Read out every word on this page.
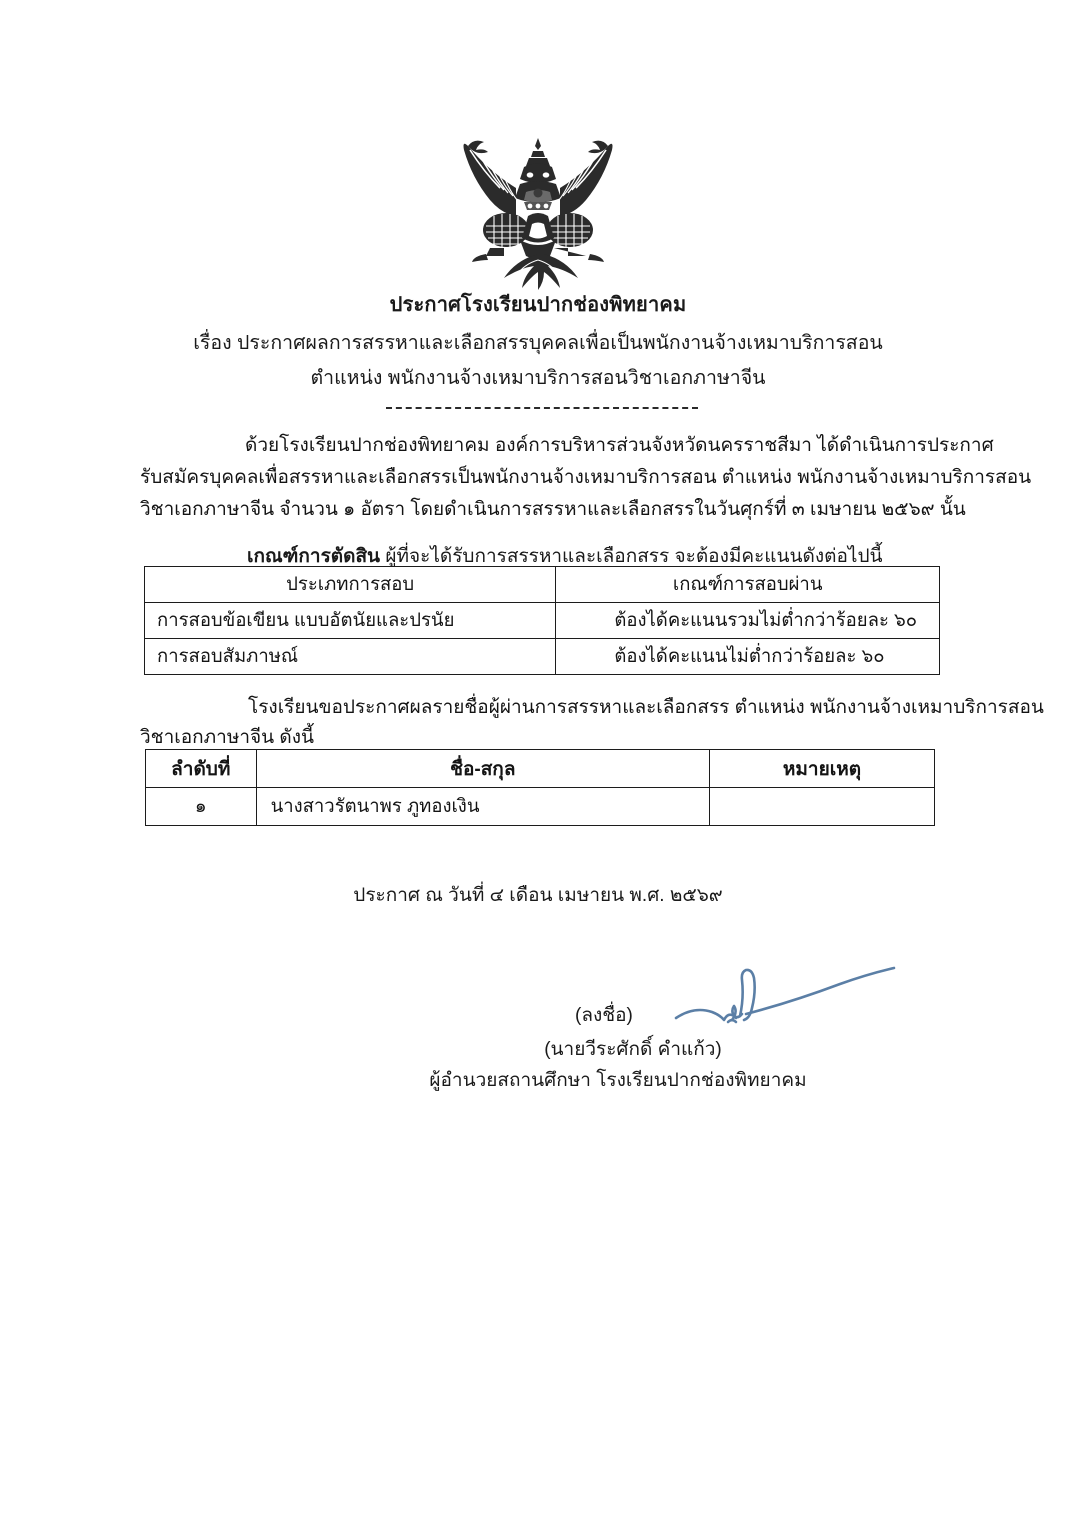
ประกาศโรงเรียนปากช่องพิทยาคม
เรื่อง ประกาศผลการสรรหาและเลือกสรรบุคคลเพื่อเป็นพนักงานจ้างเหมาบริการสอน
ตำแหน่ง พนักงานจ้างเหมาบริการสอนวิชาเอกภาษาจีน
ด้วยโรงเรียนปากช่องพิทยาคม องค์การบริหารส่วนจังหวัดนครราชสีมา ได้ดำเนินการประกาศ
รับสมัครบุคคลเพื่อสรรหาและเลือกสรรเป็นพนักงานจ้างเหมาบริการสอน ตำแหน่ง พนักงานจ้างเหมาบริการสอน
วิชาเอกภาษาจีน จำนวน ๑ อัตรา โดยดำเนินการสรรหาและเลือกสรรในวันศุกร์ที่ ๓ เมษายน ๒๕๖๙ นั้น
เกณฑ์การตัดสิน ผู้ที่จะได้รับการสรรหาและเลือกสรร จะต้องมีคะแนนดังต่อไปนี้
ประเภทการสอบ	เกณฑ์การสอบผ่าน
การสอบข้อเขียน แบบอัตนัยและปรนัย	ต้องได้คะแนนรวมไม่ต่ำกว่าร้อยละ ๖๐
การสอบสัมภาษณ์	ต้องได้คะแนนไม่ต่ำกว่าร้อยละ ๖๐
โรงเรียนขอประกาศผลรายชื่อผู้ผ่านการสรรหาและเลือกสรร ตำแหน่ง พนักงานจ้างเหมาบริการสอน
วิชาเอกภาษาจีน ดังนี้
ลำดับที่	ชื่อ-สกุล	หมายเหตุ
๑	นางสาวรัตนาพร ภูทองเงิน	
ประกาศ ณ วันที่ ๔ เดือน เมษายน พ.ศ. ๒๕๖๙
(ลงชื่อ)
(นายวีระศักดิ์ คำแก้ว)
ผู้อำนวยสถานศึกษา โรงเรียนปากช่องพิทยาคม
